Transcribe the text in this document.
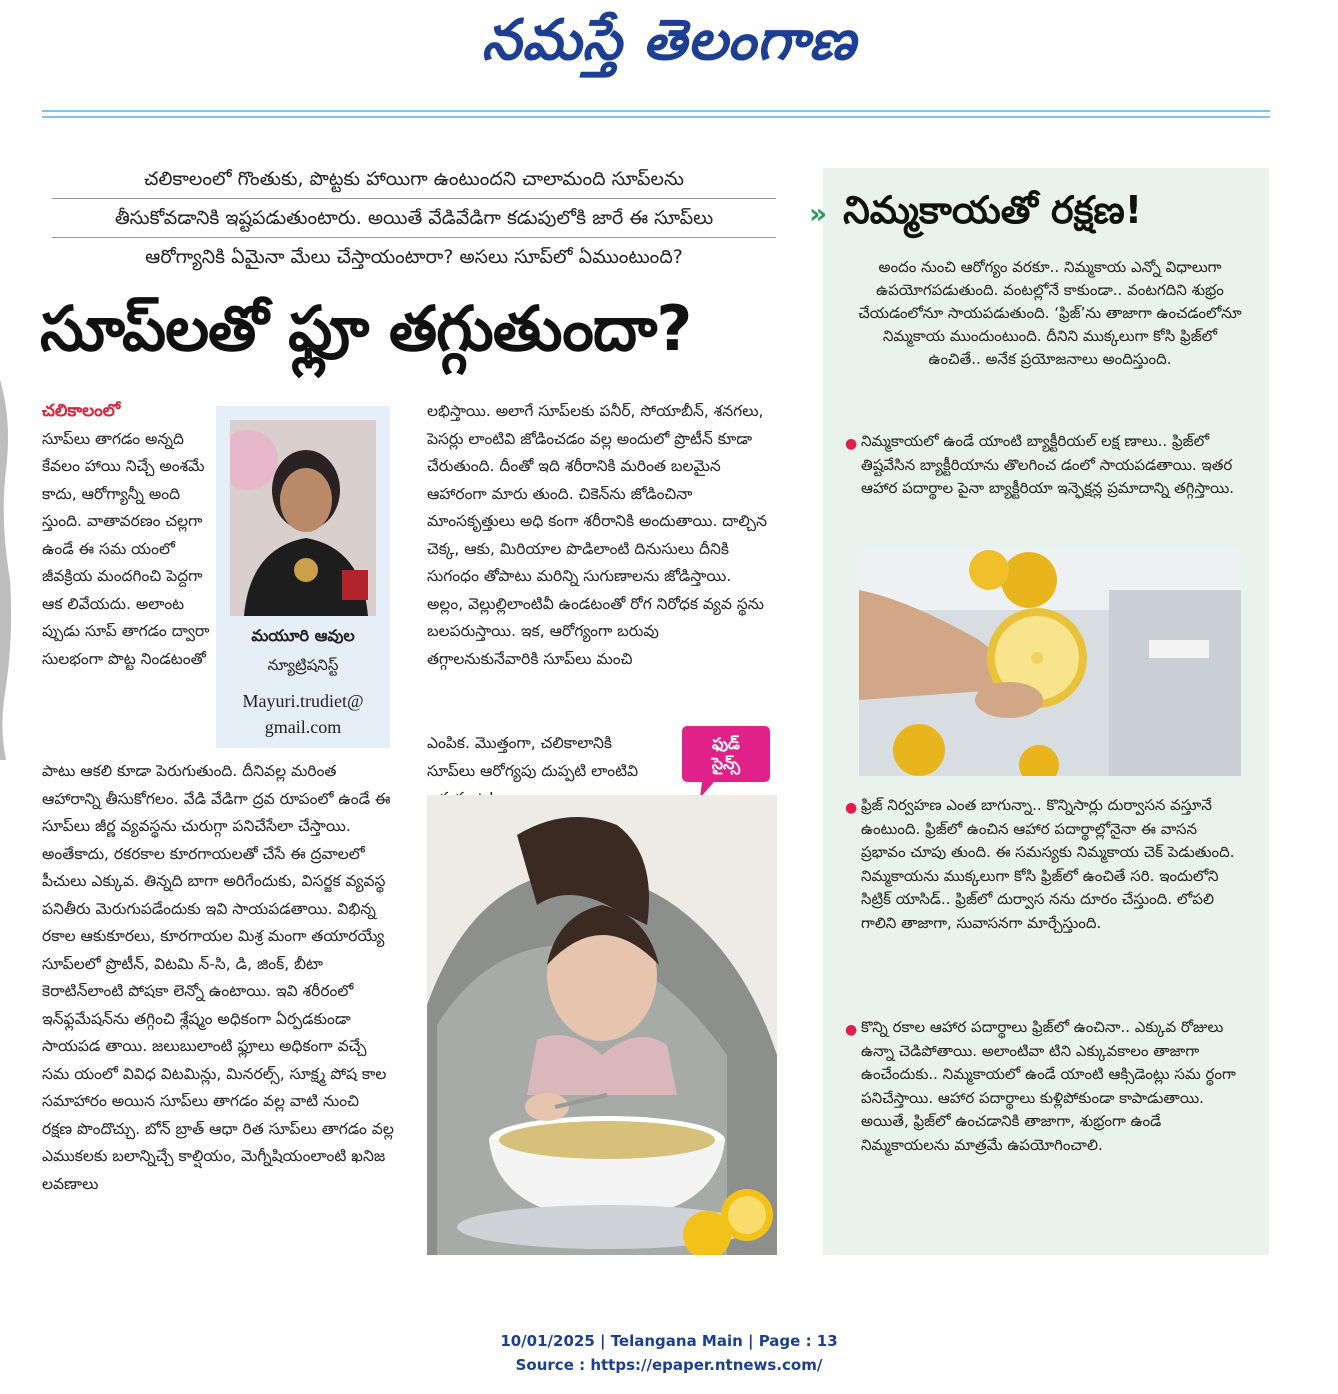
నమస్తే తెలంగాణ
చలికాలంలో గొంతుకు, పొట్టకు హాయిగా ఉంటుందని చాలామంది సూప్‌లను
తీసుకోవడానికి ఇష్టపడుతుంటారు. అయితే వేడివేడిగా కడుపులోకి జారే ఈ సూప్‌లు
ఆరోగ్యానికి ఏమైనా మేలు చేస్తాయంటారా? అసలు సూప్‌లో ఏముంటుంది?
సూప్‌లతో ఫ్లూ తగ్గుతుందా?
చలికాలంలో
సూప్‌లు తాగడం అన్నది కేవలం హాయి నిచ్చే అంశమే కాదు, ఆరోగ్యాన్నీ అంది స్తుంది. వాతావరణం చల్లగా ఉండే ఈ సమ యంలో జీవక్రియ మందగించి పెద్దగా ఆక లివేయదు. అలాంట ప్పుడు సూప్ తాగడం ద్వారా సులభంగా పొట్ట నిండటంతో
మయూరి ఆవుల
న్యూట్రిషనిస్ట్
Mayuri.trudiet@
gmail.com
పాటు ఆకలి కూడా పెరుగుతుంది. దీనివల్ల మరింత ఆహారాన్ని తీసుకోగలం. వేడి వేడిగా ద్రవ రూపంలో ఉండే ఈ సూప్‌లు జీర్ణ వ్యవస్థను చురుగ్గా పనిచేసేలా చేస్తాయి. అంతేకాదు, రకరకాల కూరగాయలతో చేసే ఈ ద్రవాలలో పీచులు ఎక్కువ. తిన్నది బాగా అరిగేందుకు, విసర్జక వ్యవస్థ పనితీరు మెరుగుపడేందుకు ఇవి సాయపడతాయి. విభిన్న రకాల ఆకుకూరలు, కూరగాయల మిశ్ర మంగా తయారయ్యే సూప్‌లలో ప్రొటీన్, విటమి న్-సి, డి, జింక్, బీటా కెరాటిన్‌లాంటి పోషకా లెన్నో ఉంటాయి. ఇవి శరీరంలో ఇన్‌ఫ్లమేషన్‌ను తగ్గించి శ్లేష్మం అధికంగా ఏర్పడకుండా సాయపడ తాయి. జలుబులాంటి ఫ్లూలు అధికంగా వచ్చే సమ యంలో వివిధ విటమిన్లు, మినరల్స్, సూక్ష్మ పోష కాల సమాహారం అయిన సూప్‌లు తాగడం వల్ల వాటి నుంచి రక్షణ పొందొచ్చు. బోన్ బ్రాత్ ఆధా రిత సూప్‌లు తాగడం వల్ల ఎముకలకు బలాన్నిచ్చే కాల్షియం, మెగ్నీషియంలాంటి ఖనిజ లవణాలు
లభిస్తాయి. అలాగే సూప్‌లకు పనీర్, సోయాబీన్, శనగలు, పెసర్లు లాంటివి జోడించడం వల్ల అందులో ప్రొటీన్ కూడా చేరుతుంది. దీంతో ఇది శరీరానికి మరింత బలమైన ఆహారంగా మారు తుంది. చికెన్‌ను జోడించినా మాంసకృత్తులు అధి కంగా శరీరానికి అందుతాయి. దాల్చిన చెక్క, ఆకు, మిరియాల పొడిలాంటి దినుసులు దీనికి సుగంధం తోపాటు మరిన్ని సుగుణాలను జోడిస్తాయి. అల్లం, వెల్లుల్లిలాంటివీ ఉండటంతో రోగ నిరోధక వ్యవ స్థను బలపరుస్తాయి. ఇక, ఆరోగ్యంగా బరువు తగ్గాలనుకునేవారికి సూప్‌లు మంచి
ఎంపిక. మొత్తంగా, చలికాలానికి సూప్‌లు ఆరోగ్యపు దుప్పటి లాంటివి
ఫుడ్
సైన్స్
» నిమ్మకాయతో రక్షణ!
అందం నుంచి ఆరోగ్యం వరకూ.. నిమ్మకాయ ఎన్నో విధాలుగా ఉపయోగపడుతుంది. వంటల్లోనే కాకుండా.. వంటగదిని శుభ్రం చేయడంలోనూ సాయపడుతుంది. ‘ఫ్రిజ్’ను తాజాగా ఉంచడంలోనూ నిమ్మకాయ ముందుంటుంది. దీనిని ముక్కలుగా కోసి ఫ్రిజ్‌లో ఉంచితే.. అనేక ప్రయోజనాలు అందిస్తుంది.
● నిమ్మకాయలో ఉండే యాంటి బ్యాక్టీరియల్ లక్ష ణాలు.. ఫ్రిజ్‌లో తిష్టవేసిన బ్యాక్టీరియాను తొలగించ డంలో సాయపడతాయి. ఇతర ఆహార పదార్థాల పైనా బ్యాక్టీరియా ఇన్ఫెక్షన్ల ప్రమాదాన్ని తగ్గిస్తాయి.
● ఫ్రిజ్ నిర్వహణ ఎంత బాగున్నా.. కొన్నిసార్లు దుర్వాసన వస్తూనే ఉంటుంది. ఫ్రిజ్‌లో ఉంచిన ఆహార పదార్థాల్లోనైనా ఈ వాసన ప్రభావం చూపు తుంది. ఈ సమస్యకు నిమ్మకాయ చెక్ పెడుతుంది. నిమ్మకాయను ముక్కలుగా కోసి ఫ్రిజ్‌లో ఉంచితే సరి. ఇందులోని సిట్రిక్ యాసిడ్.. ఫ్రిజ్‌లో దుర్వాస నను దూరం చేస్తుంది. లోపలి గాలిని తాజాగా, సువాసనగా మార్చేస్తుంది.
● కొన్ని రకాల ఆహార పదార్థాలు ఫ్రిజ్‌లో ఉంచినా.. ఎక్కువ రోజులు ఉన్నా చెడిపోతాయి. అలాంటివా టిని ఎక్కువకాలం తాజాగా ఉంచేందుకు.. నిమ్మకాయలో ఉండే యాంటి ఆక్సిడెంట్లు సమ ర్థంగా పనిచేస్తాయి. ఆహార పదార్థాలు కుళ్లిపోకుండా కాపాడుతాయి. అయితే, ఫ్రిజ్‌లో ఉంచడానికి తాజాగా, శుభ్రంగా ఉండే నిమ్మకాయలను మాత్రమే ఉపయోగించాలి.
10/01/2025 | Telangana Main | Page : 13
Source : https://epaper.ntnews.com/
